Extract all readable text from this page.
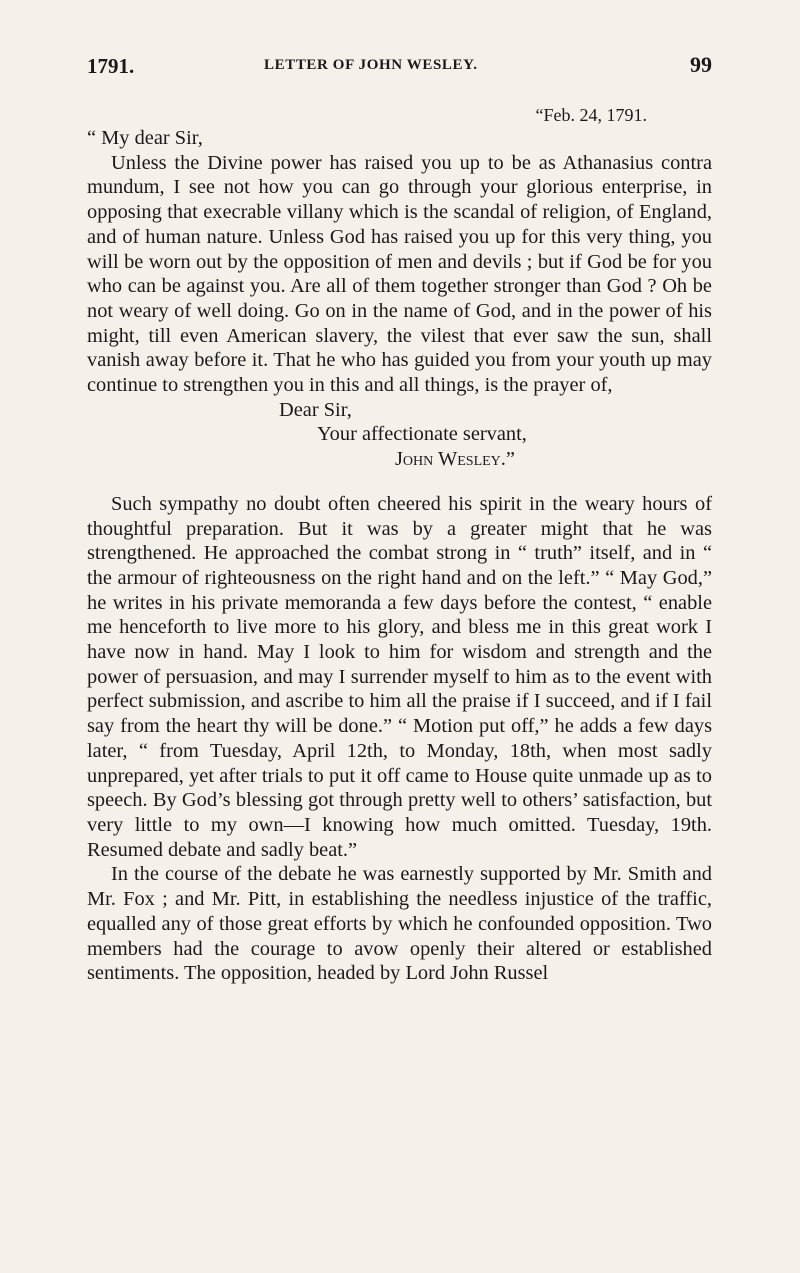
1791.	LETTER OF JOHN WESLEY.	99
“Feb. 24, 1791.

“ My dear Sir,

Unless the Divine power has raised you up to be as Athanasius contra mundum, I see not how you can go through your glorious enterprise, in opposing that execrable villany which is the scandal of religion, of England, and of human nature. Unless God has raised you up for this very thing, you will be worn out by the opposition of men and devils ; but if God be for you who can be against you. Are all of them together stronger than God ? Oh be not weary of well doing. Go on in the name of God, and in the power of his might, till even American slavery, the vilest that ever saw the sun, shall vanish away before it. That he who has guided you from your youth up may continue to strengthen you in this and all things, is the prayer of,

Dear Sir,
Your affectionate servant,
John Wesley.”

Such sympathy no doubt often cheered his spirit in the weary hours of thoughtful preparation. But it was by a greater might that he was strengthened. He approached the combat strong in “ truth” itself, and in “ the armour of righteousness on the right hand and on the left.” “ May God,” he writes in his private memoranda a few days before the contest, “ enable me henceforth to live more to his glory, and bless me in this great work I have now in hand. May I look to him for wisdom and strength and the power of persuasion, and may I surrender myself to him as to the event with perfect submission, and ascribe to him all the praise if I succeed, and if I fail say from the heart thy will be done.” “ Motion put off,” he adds a few days later, “ from Tuesday, April 12th, to Monday, 18th, when most sadly unprepared, yet after trials to put it off came to House quite unmade up as to speech. By God’s blessing got through pretty well to others’ satisfaction, but very little to my own—I knowing how much omitted. Tuesday, 19th. Resumed debate and sadly beat.”

In the course of the debate he was earnestly supported by Mr. Smith and Mr. Fox ; and Mr. Pitt, in establishing the needless injustice of the traffic, equalled any of those great efforts by which he confounded opposition. Two members had the courage to avow openly their altered or established sentiments. The opposition, headed by Lord John Russel
